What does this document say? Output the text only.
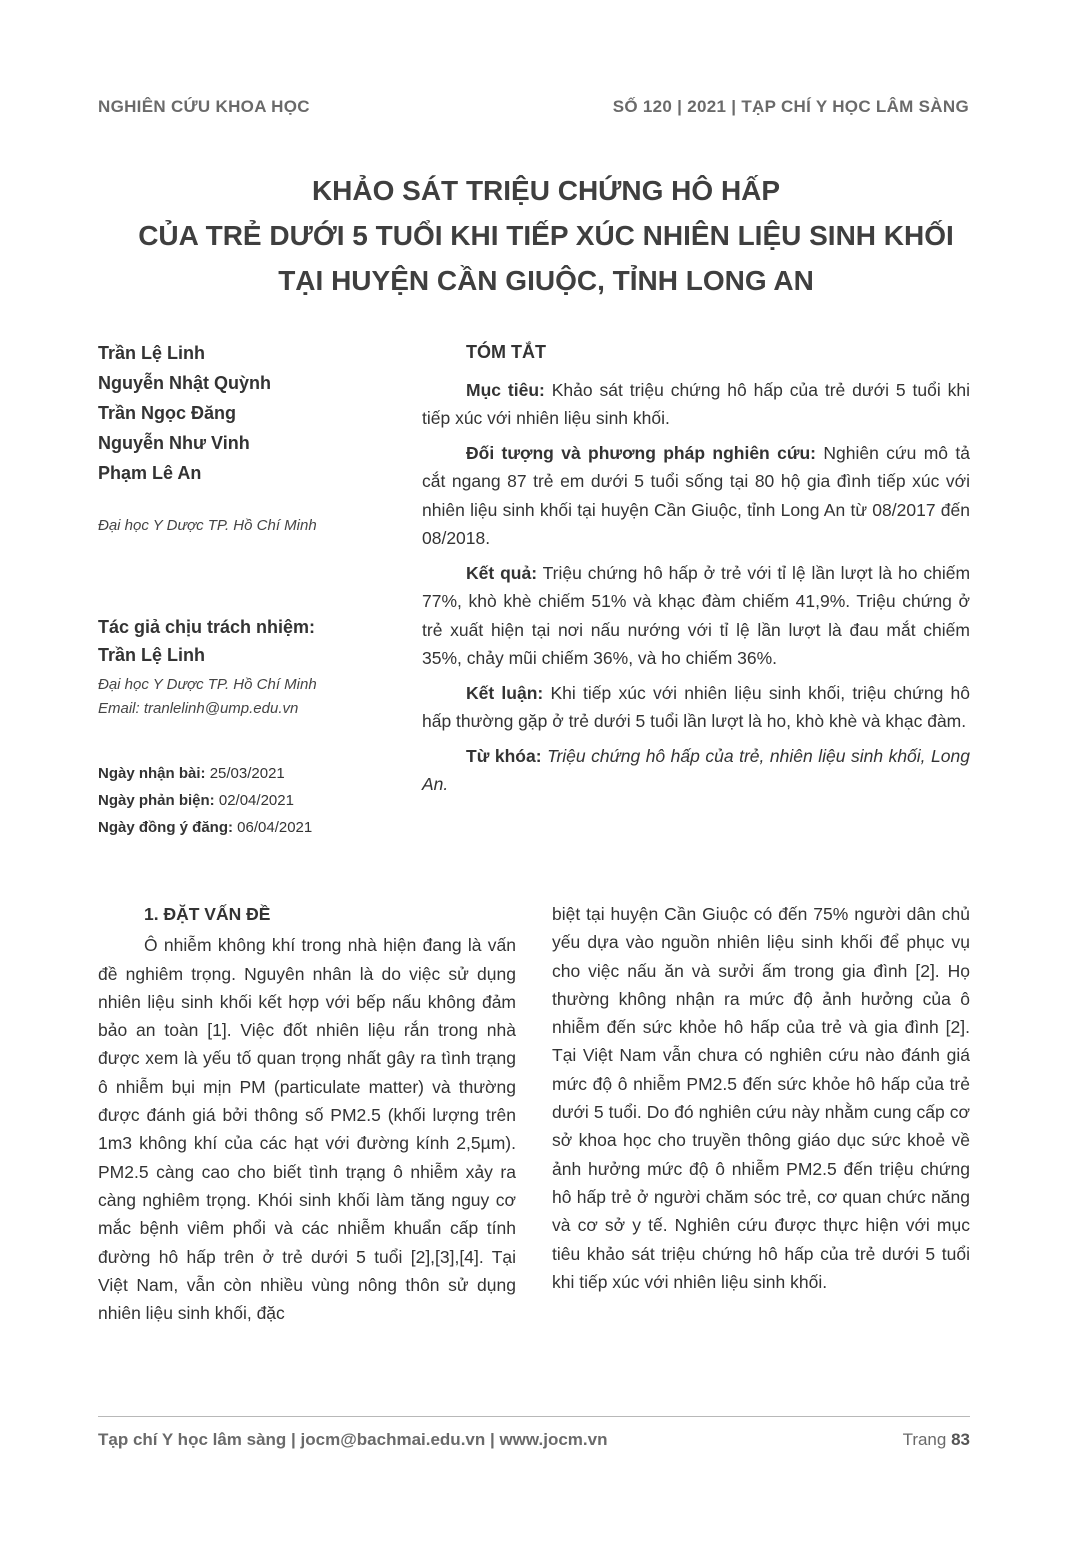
NGHIÊN CỨU KHOA HỌC	SỐ 120 | 2021 | TẠP CHÍ Y HỌC LÂM SÀNG
KHẢO SÁT TRIỆU CHỨNG HÔ HẤP
CỦA TRẺ DƯỚI 5 TUỔI KHI TIẾP XÚC NHIÊN LIỆU SINH KHỐI
TẠI HUYỆN CẦN GIUỘC, TỈNH LONG AN
Trần Lệ Linh
Nguyễn Nhật Quỳnh
Trần Ngọc Đăng
Nguyễn Như Vinh
Phạm Lê An
Đại học Y Dược TP. Hồ Chí Minh
Tác giả chịu trách nhiệm:
Trần Lệ Linh
Đại học Y Dược TP. Hồ Chí Minh
Email: tranlelinh@ump.edu.vn
Ngày nhận bài: 25/03/2021
Ngày phản biện: 02/04/2021
Ngày đồng ý đăng: 06/04/2021
TÓM TẮT

Mục tiêu: Khảo sát triệu chứng hô hấp của trẻ dưới 5 tuổi khi tiếp xúc với nhiên liệu sinh khối.

Đối tượng và phương pháp nghiên cứu: Nghiên cứu mô tả cắt ngang 87 trẻ em dưới 5 tuổi sống tại 80 hộ gia đình tiếp xúc với nhiên liệu sinh khối tại huyện Cần Giuộc, tỉnh Long An từ 08/2017 đến 08/2018.

Kết quả: Triệu chứng hô hấp ở trẻ với tỉ lệ lần lượt là ho chiếm 77%, khò khè chiếm 51% và khạc đàm chiếm 41,9%. Triệu chứng ở trẻ xuất hiện tại nơi nấu nướng với tỉ lệ lần lượt là đau mắt chiếm 35%, chảy mũi chiếm 36%, và ho chiếm 36%.

Kết luận: Khi tiếp xúc với nhiên liệu sinh khối, triệu chứng hô hấp thường gặp ở trẻ dưới 5 tuổi lần lượt là ho, khò khè và khạc đàm.

Từ khóa: Triệu chứng hô hấp của trẻ, nhiên liệu sinh khối, Long An.

1. ĐẶT VẤN ĐỀ

Ô nhiễm không khí trong nhà hiện đang là vấn đề nghiêm trọng. Nguyên nhân là do việc sử dụng nhiên liệu sinh khối kết hợp với bếp nấu không đảm bảo an toàn [1]. Việc đốt nhiên liệu rắn trong nhà được xem là yếu tố quan trọng nhất gây ra tình trạng ô nhiễm bụi mịn PM (particulate matter) và thường được đánh giá bởi thông số PM2.5 (khối lượng trên 1m3 không khí của các hạt với đường kính 2,5µm). PM2.5 càng cao cho biết tình trạng ô nhiễm xảy ra càng nghiêm trọng. Khói sinh khối làm tăng nguy cơ mắc bệnh viêm phổi và các nhiễm khuẩn cấp tính đường hô hấp trên ở trẻ dưới 5 tuổi [2],[3],[4]. Tại Việt Nam, vẫn còn nhiều vùng nông thôn sử dụng nhiên liệu sinh khối, đặc

biệt tại huyện Cần Giuộc có đến 75% người dân chủ yếu dựa vào nguồn nhiên liệu sinh khối để phục vụ cho việc nấu ăn và sưởi ấm trong gia đình [2]. Họ thường không nhận ra mức độ ảnh hưởng của ô nhiễm đến sức khỏe hô hấp của trẻ và gia đình [2]. Tại Việt Nam vẫn chưa có nghiên cứu nào đánh giá mức độ ô nhiễm PM2.5 đến sức khỏe hô hấp của trẻ dưới 5 tuổi. Do đó nghiên cứu này nhằm cung cấp cơ sở khoa học cho truyền thông giáo dục sức khoẻ về ảnh hưởng mức độ ô nhiễm PM2.5 đến triệu chứng hô hấp trẻ ở người chăm sóc trẻ, cơ quan chức năng và cơ sở y tế. Nghiên cứu được thực hiện với mục tiêu khảo sát triệu chứng hô hấp của trẻ dưới 5 tuổi khi tiếp xúc với nhiên liệu sinh khối.

Tạp chí Y học lâm sàng | jocm@bachmai.edu.vn | www.jocm.vn	Trang 83
